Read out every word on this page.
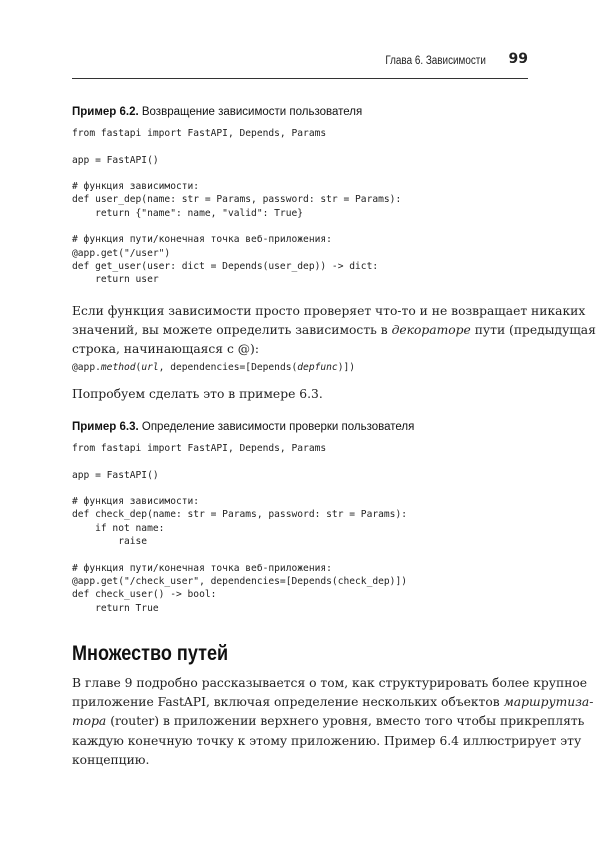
Глава 6. Зависимости 99
Пример 6.2. Возвращение зависимости пользователя
from fastapi import FastAPI, Depends, Params

app = FastAPI()

# функция зависимости:
def user_dep(name: str = Params, password: str = Params):
return {"name": name, "valid": True}

# функция пути/конечная точка веб-приложения:
@app.get("/user")
def get_user(user: dict = Depends(user_dep)) -> dict:
return user
Если функция зависимости просто проверяет что-то и не возвращает никаких
значений, вы можете определить зависимость в декораторе пути (предыдущая
строка, начинающаяся с @):
@app.method(url, dependencies=[Depends(depfunc)])
Попробуем сделать это в примере 6.3.
Пример 6.3. Определение зависимости проверки пользователя
from fastapi import FastAPI, Depends, Params

app = FastAPI()

# функция зависимости:
def check_dep(name: str = Params, password: str = Params):
if not name:
raise

# функция пути/конечная точка веб-приложения:
@app.get("/check_user", dependencies=[Depends(check_dep)])
def check_user() -> bool:
return True
Множество путей
В главе 9 подробно рассказывается о том, как структурировать более крупное
приложение FastAPI, включая определение нескольких объектов маршрутиза-
тора (router) в приложении верхнего уровня, вместо того чтобы прикреплять
каждую конечную точку к этому приложению. Пример 6.4 иллюстрирует эту
концепцию.
